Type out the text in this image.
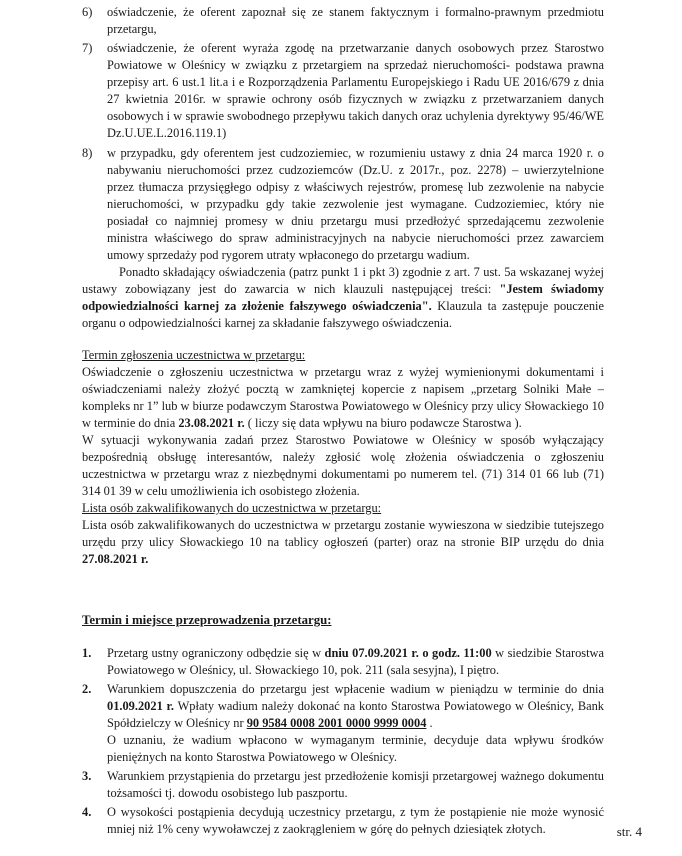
6) oświadczenie, że oferent zapoznał się ze stanem faktycznym i formalno-prawnym przedmiotu przetargu,
7) oświadczenie, że oferent wyraża zgodę na przetwarzanie danych osobowych przez Starostwo Powiatowe w Oleśnicy w związku z przetargiem na sprzedaż nieruchomości- podstawa prawna przepisy art. 6 ust.1 lit.a i e Rozporządzenia Parlamentu Europejskiego i Radu UE 2016/679 z dnia 27 kwietnia 2016r. w sprawie ochrony osób fizycznych w związku z przetwarzaniem danych osobowych i w sprawie swobodnego przepływu takich danych oraz uchylenia dyrektywy 95/46/WE Dz.U.UE.L.2016.119.1)
8) w przypadku, gdy oferentem jest cudzoziemiec, w rozumieniu ustawy z dnia 24 marca 1920 r. o nabywaniu nieruchomości przez cudzoziemców (Dz.U. z 2017r., poz. 2278) – uwierzytelnione przez tłumacza przysięgłego odpisy z właściwych rejestrów, promesę lub zezwolenie na nabycie nieruchomości, w przypadku gdy takie zezwolenie jest wymagane. Cudzoziemiec, który nie posiadał co najmniej promesy w dniu przetargu musi przedłożyć sprzedającemu zezwolenie ministra właściwego do spraw administracyjnych na nabycie nieruchomości przez zawarciem umowy sprzedaży pod rygorem utraty wpłaconego do przetargu wadium.
Ponadto składający oświadczenia (patrz punkt 1 i pkt 3) zgodnie z art. 7 ust. 5a wskazanej wyżej ustawy zobowiązany jest do zawarcia w nich klauzuli następującej treści: "Jestem świadomy odpowiedzialności karnej za złożenie fałszywego oświadczenia". Klauzula ta zastępuje pouczenie organu o odpowiedzialności karnej za składanie fałszywego oświadczenia.
Termin zgłoszenia uczestnictwa w przetargu:
Oświadczenie o zgłoszeniu uczestnictwa w przetargu wraz z wyżej wymienionymi dokumentami i oświadczeniami należy złożyć pocztą w zamkniętej kopercie z napisem „przetarg Solniki Małe – kompleks nr 1” lub w biurze podawczym Starostwa Powiatowego w Oleśnicy przy ulicy Słowackiego 10 w terminie do dnia 23.08.2021 r. ( liczy się data wpływu na biuro podawcze Starostwa ).
W sytuacji wykonywania zadań przez Starostwo Powiatowe w Oleśnicy w sposób wyłączający bezpośrednią obsługę interesantów, należy zgłosić wolę złożenia oświadczenia o zgłoszeniu uczestnictwa w przetargu wraz z niezbędnymi dokumentami po numerem tel. (71) 314 01 66 lub (71) 314 01 39 w celu umożliwienia ich osobistego złożenia.
Lista osób zakwalifikowanych do uczestnictwa w przetargu:
Lista osób zakwalifikowanych do uczestnictwa w przetargu zostanie wywieszona w siedzibie tutejszego urzędu przy ulicy Słowackiego 10 na tablicy ogłoszeń (parter) oraz na stronie BIP urzędu do dnia 27.08.2021 r.
Termin i miejsce przeprowadzenia przetargu:
1. Przetarg ustny ograniczony odbędzie się w dniu 07.09.2021 r. o godz. 11:00 w siedzibie Starostwa Powiatowego w Oleśnicy, ul. Słowackiego 10, pok. 211 (sala sesyjna), I piętro.
2. Warunkiem dopuszczenia do przetargu jest wpłacenie wadium w pieniądzu w terminie do dnia 01.09.2021 r. Wpłaty wadium należy dokonać na konto Starostwa Powiatowego w Oleśnicy, Bank Spółdzielczy w Oleśnicy nr 90 9584 0008 2001 0000 9999 0004 .
O uznaniu, że wadium wpłacono w wymaganym terminie, decyduje data wpływu środków pieniężnych na konto Starostwa Powiatowego w Oleśnicy.
3. Warunkiem przystąpienia do przetargu jest przedłożenie komisji przetargowej ważnego dokumentu tożsamości tj. dowodu osobistego lub paszportu.
4. O wysokości postąpienia decydują uczestnicy przetargu, z tym że postąpienie nie może wynosić mniej niż 1% ceny wywoławczej z zaokrągleniem w górę do pełnych dziesiątek złotych.	str. 4
